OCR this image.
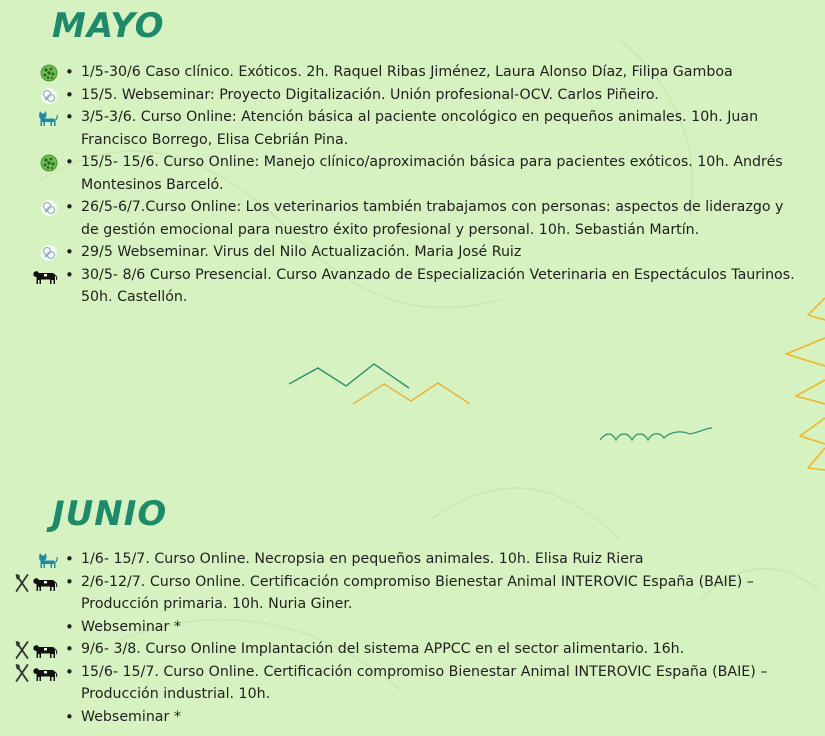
MAYO
• 1/5-30/6 Caso clínico. Exóticos. 2h. Raquel Ribas Jiménez, Laura Alonso Díaz, Filipa Gamboa
• 15/5. Webseminar: Proyecto Digitalización. Unión profesional-OCV. Carlos Piñeiro.
• 3/5-3/6. Curso Online: Atención básica al paciente oncológico en pequeños animales. 10h. Juan Francisco Borrego, Elisa Cebrián Pina.
• 15/5- 15/6. Curso Online: Manejo clínico/aproximación básica para pacientes exóticos. 10h. Andrés Montesinos Barceló.
• 26/5-6/7.Curso Online: Los veterinarios también trabajamos con personas: aspectos de liderazgo y de gestión emocional para nuestro éxito profesional y personal. 10h. Sebastián Martín.
• 29/5 Webseminar. Virus del Nilo Actualización. Maria José Ruiz
• 30/5- 8/6 Curso Presencial. Curso Avanzado de Especialización Veterinaria en Espectáculos Taurinos. 50h. Castellón.
JUNIO
• 1/6- 15/7. Curso Online. Necropsia en pequeños animales. 10h. Elisa Ruiz Riera
• 2/6-12/7. Curso Online. Certificación compromiso Bienestar Animal INTEROVIC España (BAIE) – Producción primaria. 10h. Nuria Giner.
• Webseminar *
• 9/6- 3/8. Curso Online Implantación del sistema APPCC en el sector alimentario. 16h.
• 15/6- 15/7. Curso Online. Certificación compromiso Bienestar Animal INTEROVIC España (BAIE) – Producción industrial. 10h.
• Webseminar *
